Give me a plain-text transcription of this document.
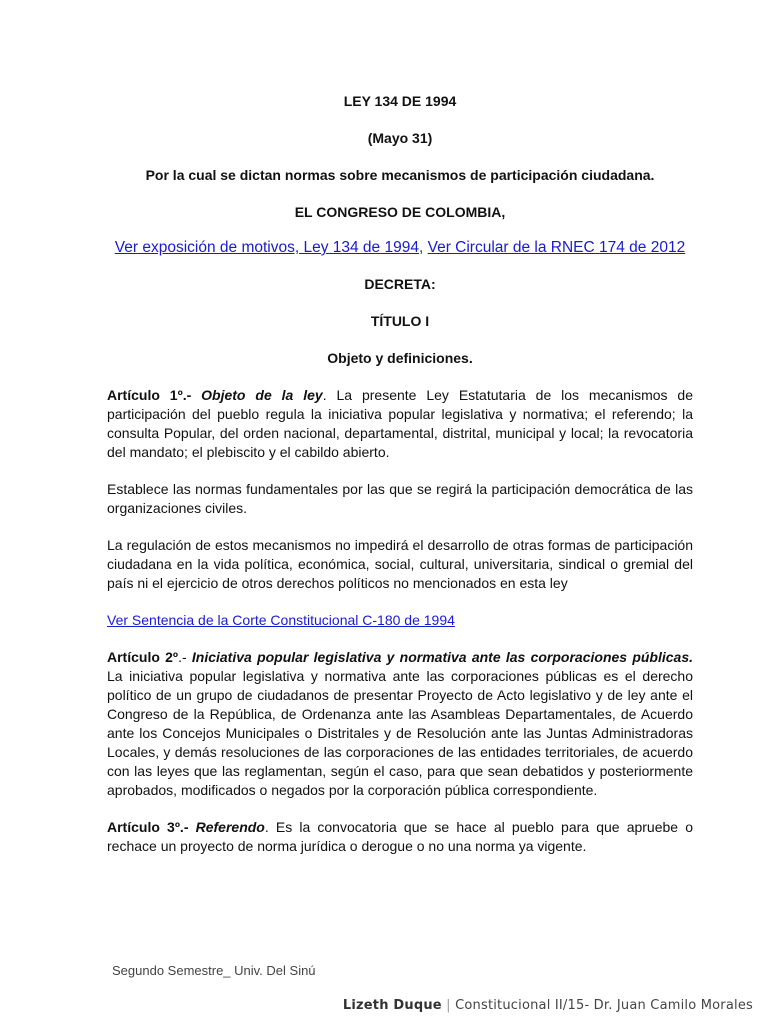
LEY 134 DE 1994

(Mayo 31)

Por la cual se dictan normas sobre mecanismos de participación ciudadana.

EL CONGRESO DE COLOMBIA,

Ver exposición de motivos, Ley 134 de 1994, Ver Circular de la RNEC 174 de 2012

DECRETA:

TÍTULO I

Objeto y definiciones.

Artículo 1º.- Objeto de la ley. La presente Ley Estatutaria de los mecanismos de participación del pueblo regula la iniciativa popular legislativa y normativa; el referendo; la consulta Popular, del orden nacional, departamental, distrital, municipal y local; la revocatoria del mandato; el plebiscito y el cabildo abierto.

Establece las normas fundamentales por las que se regirá la participación democrática de las organizaciones civiles.

La regulación de estos mecanismos no impedirá el desarrollo de otras formas de participación ciudadana en la vida política, económica, social, cultural, universitaria, sindical o gremial del país ni el ejercicio de otros derechos políticos no mencionados en esta ley

Ver Sentencia de la Corte Constitucional C-180 de 1994

Artículo 2º.- Iniciativa popular legislativa y normativa ante las corporaciones públicas. La iniciativa popular legislativa y normativa ante las corporaciones públicas es el derecho político de un grupo de ciudadanos de presentar Proyecto de Acto legislativo y de ley ante el Congreso de la República, de Ordenanza ante las Asambleas Departamentales, de Acuerdo ante los Concejos Municipales o Distritales y de Resolución ante las Juntas Administradoras Locales, y demás resoluciones de las corporaciones de las entidades territoriales, de acuerdo con las leyes que las reglamentan, según el caso, para que sean debatidos y posteriormente aprobados, modificados o negados por la corporación pública correspondiente.

Artículo 3º.- Referendo. Es la convocatoria que se hace al pueblo para que apruebe o rechace un proyecto de norma jurídica o derogue o no una norma ya vigente.

Segundo Semestre_ Univ. Del Sinú
Lizeth Duque | Constitucional II/15- Dr. Juan Camilo Morales
